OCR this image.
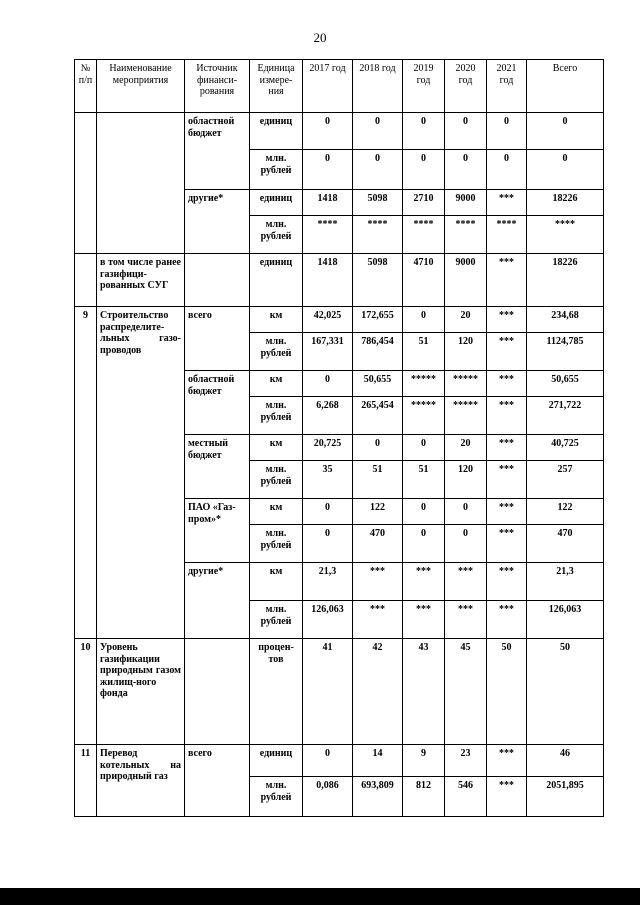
20
№ п/п	Наименование мероприятия	Источник финанси-рования	Единица измере-ния	2017 год	2018 год	2019 год	2020 год	2021 год	Всего
		областной бюджет	единиц	0	0	0	0	0	0
			млн. рублей	0	0	0	0	0	0
		другие*	единиц	1418	5098	2710	9000	***	18226
			млн. рублей	****	****	****	****	****	****
	в том числе ранее газифици-рованных СУГ		единиц	1418	5098	4710	9000	***	18226
9	Строительство распределите-льных газо-проводов	всего	км	42,025	172,655	0	20	***	234,68
			млн. рублей	167,331	786,454	51	120	***	1124,785
		областной бюджет	км	0	50,655	*****	*****	***	50,655
			млн. рублей	6,268	265,454	*****	*****	***	271,722
		местный бюджет	км	20,725	0	0	20	***	40,725
			млн. рублей	35	51	51	120	***	257
		ПАО «Газ-пром»*	км	0	122	0	0	***	122
			млн. рублей	0	470	0	0	***	470
		другие*	км	21,3	***	***	***	***	21,3
			млн. рублей	126,063	***	***	***	***	126,063
10	Уровень газификации природным газом жилищ-ного фонда		процен-тов	41	42	43	45	50	50
11	Перевод котельных на природный газ	всего	единиц	0	14	9	23	***	46
			млн. рублей	0,086	693,809	812	546	***	2051,895
